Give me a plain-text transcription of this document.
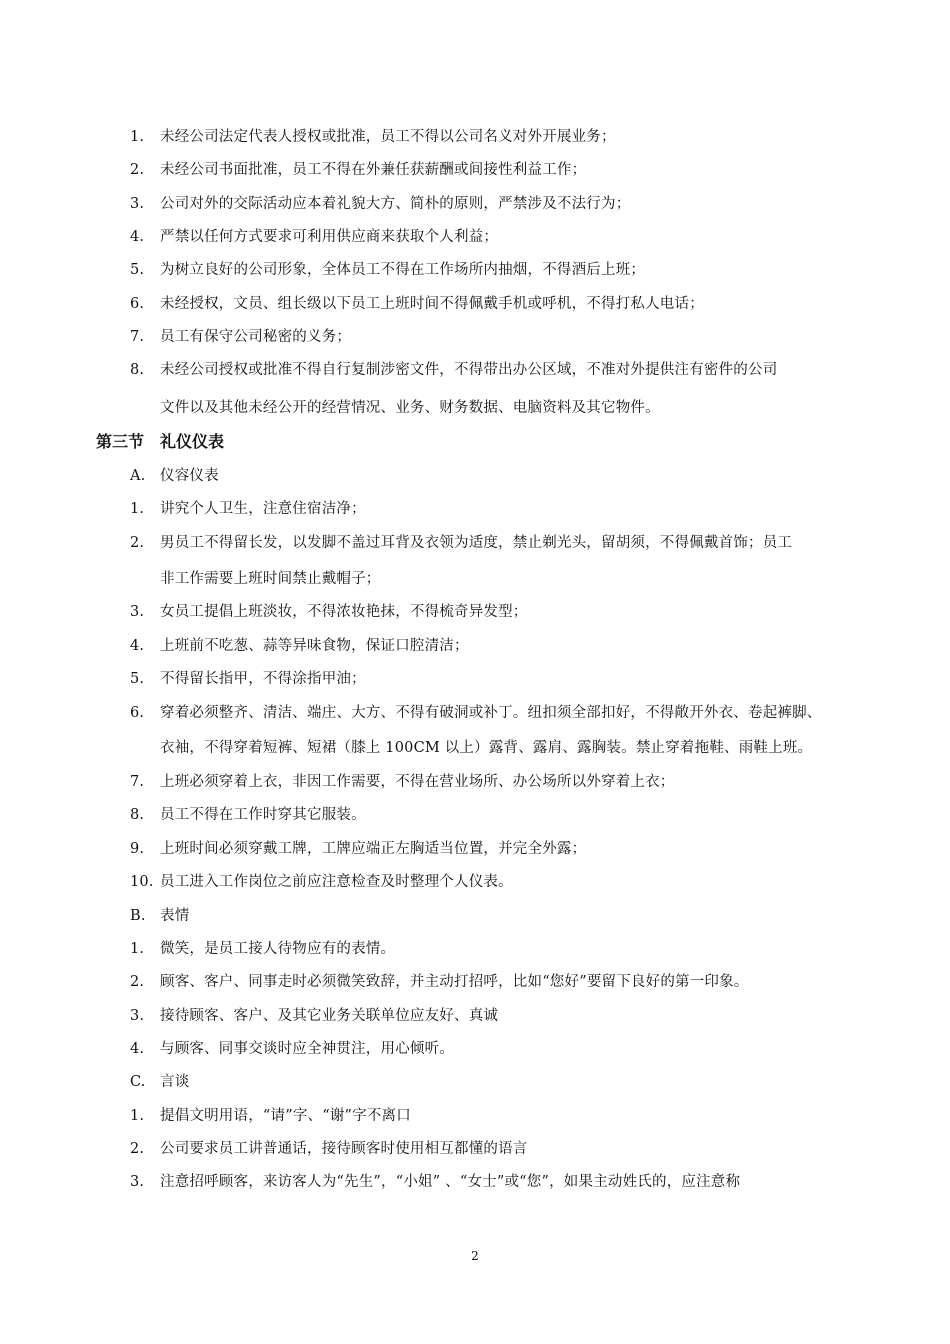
1. 未经公司法定代表人授权或批准，员工不得以公司名义对外开展业务；
2. 未经公司书面批准，员工不得在外兼任获薪酬或间接性利益工作；
3. 公司对外的交际活动应本着礼貌大方、简朴的原则，严禁涉及不法行为；
4. 严禁以任何方式要求可利用供应商来获取个人利益；
5. 为树立良好的公司形象，全体员工不得在工作场所内抽烟，不得酒后上班；
6. 未经授权，文员、组长级以下员工上班时间不得佩戴手机或呼机，不得打私人电话；
7. 员工有保守公司秘密的义务；
8. 未经公司授权或批准不得自行复制涉密文件，不得带出办公区域，不准对外提供注有密件的公司
文件以及其他未经公开的经营情况、业务、财务数据、电脑资料及其它物件。
第三节 礼仪仪表
A. 仪容仪表
1. 讲究个人卫生，注意住宿洁净；
2. 男员工不得留长发，以发脚不盖过耳背及衣领为适度，禁止剃光头，留胡须，不得佩戴首饰；员工
非工作需要上班时间禁止戴帽子；
3. 女员工提倡上班淡妆，不得浓妆艳抹，不得梳奇异发型；
4. 上班前不吃葱、蒜等异味食物，保证口腔清洁；
5. 不得留长指甲，不得涂指甲油；
6. 穿着必须整齐、清洁、端庄、大方、不得有破洞或补丁。纽扣须全部扣好，不得敞开外衣、卷起裤脚、
衣袖，不得穿着短裤、短裙（膝上 100CM 以上）露背、露肩、露胸装。禁止穿着拖鞋、雨鞋上班。
7. 上班必须穿着上衣，非因工作需要，不得在营业场所、办公场所以外穿着上衣；
8. 员工不得在工作时穿其它服装。
9. 上班时间必须穿戴工牌，工牌应端正左胸适当位置，并完全外露；
10. 员工进入工作岗位之前应注意检查及时整理个人仪表。
B. 表情
1. 微笑，是员工接人待物应有的表情。
2. 顾客、客户、同事走时必须微笑致辞，并主动打招呼，比如“您好”要留下良好的第一印象。
3. 接待顾客、客户、及其它业务关联单位应友好、真诚
4. 与顾客、同事交谈时应全神贯注，用心倾听。
C. 言谈
1. 提倡文明用语，“请”字、“谢”字不离口
2. 公司要求员工讲普通话，接待顾客时使用相互都懂的语言
3. 注意招呼顾客，来访客人为“先生”，“小姐” 、“女士”或“您”，如果主动姓氏的，应注意称
2
